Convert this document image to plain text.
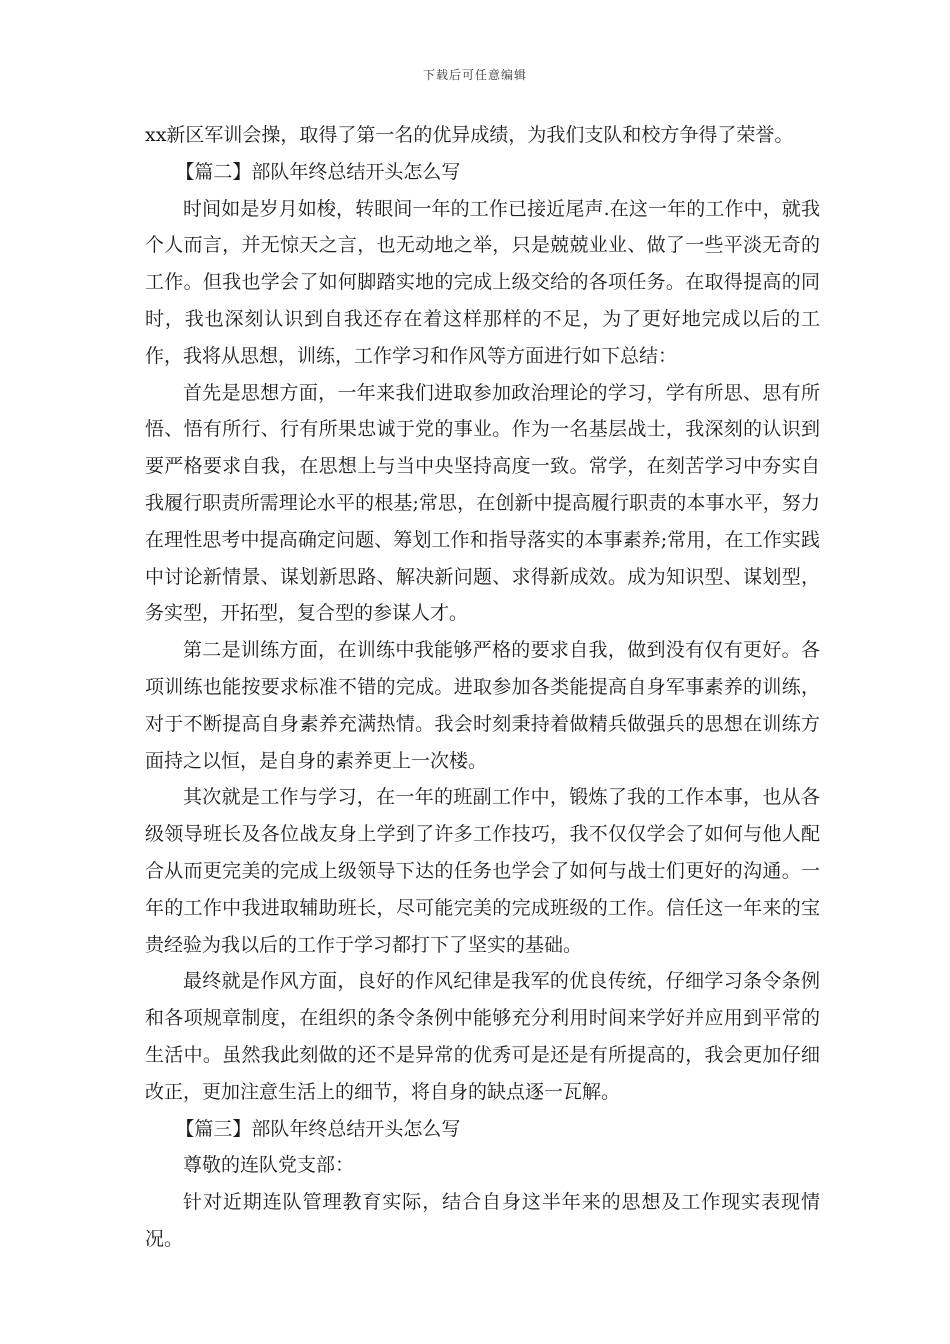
下载后可任意编辑

xx新区军训会操，取得了第一名的优异成绩，为我们支队和校方争得了荣誉。

【篇二】部队年终总结开头怎么写

时间如是岁月如梭，转眼间一年的工作已接近尾声.在这一年的工作中，就我个人而言，并无惊天之言，也无动地之举，只是兢兢业业、做了一些平淡无奇的工作。但我也学会了如何脚踏实地的完成上级交给的各项任务。在取得提高的同时，我也深刻认识到自我还存在着这样那样的不足，为了更好地完成以后的工作，我将从思想，训练，工作学习和作风等方面进行如下总结：

首先是思想方面，一年来我们进取参加政治理论的学习，学有所思、思有所悟、悟有所行、行有所果忠诚于党的事业。作为一名基层战士，我深刻的认识到要严格要求自我，在思想上与当中央坚持高度一致。常学，在刻苦学习中夯实自我履行职责所需理论水平的根基;常思，在创新中提高履行职责的本事水平，努力在理性思考中提高确定问题、筹划工作和指导落实的本事素养;常用，在工作实践中讨论新情景、谋划新思路、解决新问题、求得新成效。成为知识型、谋划型，务实型，开拓型，复合型的参谋人才。

第二是训练方面，在训练中我能够严格的要求自我，做到没有仅有更好。各项训练也能按要求标准不错的完成。进取参加各类能提高自身军事素养的训练，对于不断提高自身素养充满热情。我会时刻秉持着做精兵做强兵的思想在训练方面持之以恒，是自身的素养更上一次楼。

其次就是工作与学习，在一年的班副工作中，锻炼了我的工作本事，也从各级领导班长及各位战友身上学到了许多工作技巧，我不仅仅学会了如何与他人配合从而更完美的完成上级领导下达的任务也学会了如何与战士们更好的沟通。一年的工作中我进取辅助班长，尽可能完美的完成班级的工作。信任这一年来的宝贵经验为我以后的工作于学习都打下了坚实的基础。

最终就是作风方面，良好的作风纪律是我军的优良传统，仔细学习条令条例和各项规章制度，在组织的条令条例中能够充分利用时间来学好并应用到平常的生活中。虽然我此刻做的还不是异常的优秀可是还是有所提高的，我会更加仔细改正，更加注意生活上的细节，将自身的缺点逐一瓦解。

【篇三】部队年终总结开头怎么写

尊敬的连队党支部：

针对近期连队管理教育实际，结合自身这半年来的思想及工作现实表现情况。
